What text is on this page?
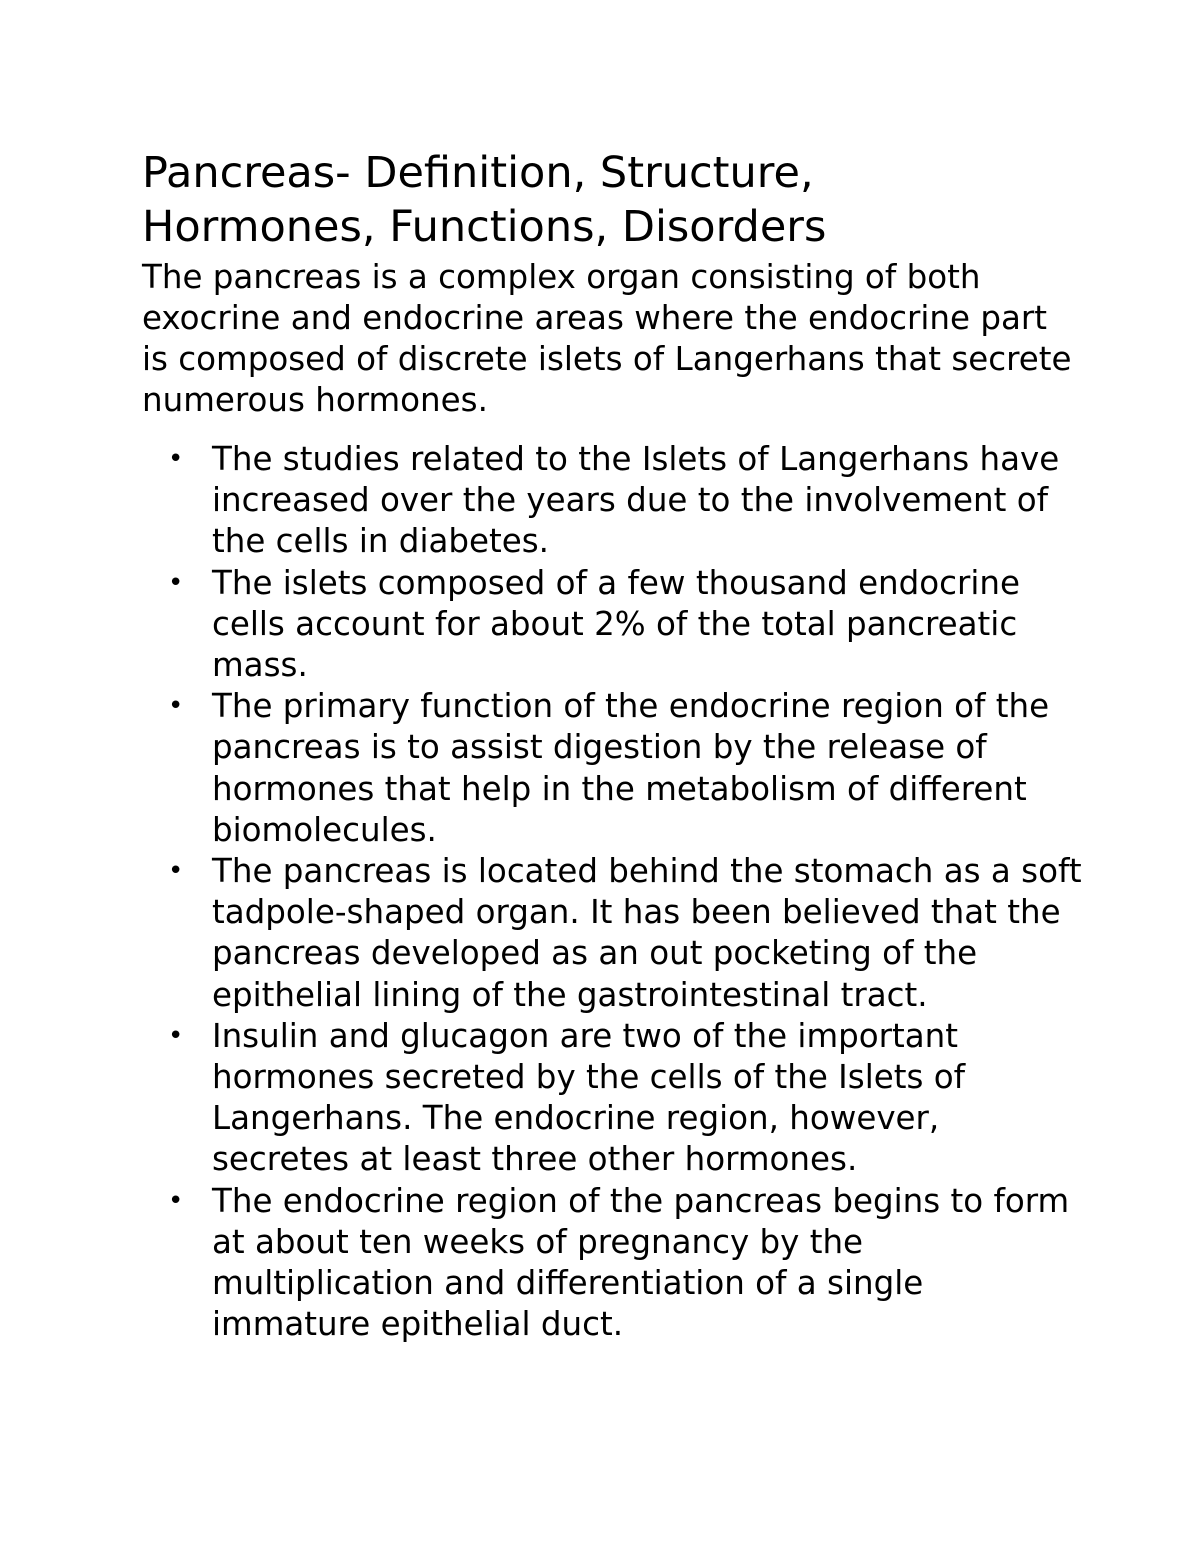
Pancreas- Definition, Structure,
Hormones, Functions, Disorders

The pancreas is a complex organ consisting of both exocrine and endocrine areas where the endocrine part is composed of discrete islets of Langerhans that secrete numerous hormones.

• The studies related to the Islets of Langerhans have increased over the years due to the involvement of the cells in diabetes.
• The islets composed of a few thousand endocrine cells account for about 2% of the total pancreatic mass.
• The primary function of the endocrine region of the pancreas is to assist digestion by the release of hormones that help in the metabolism of different biomolecules.
• The pancreas is located behind the stomach as a soft tadpole-shaped organ. It has been believed that the pancreas developed as an out pocketing of the epithelial lining of the gastrointestinal tract.
• Insulin and glucagon are two of the important hormones secreted by the cells of the Islets of Langerhans. The endocrine region, however, secretes at least three other hormones.
• The endocrine region of the pancreas begins to form at about ten weeks of pregnancy by the multiplication and differentiation of a single immature epithelial duct.
